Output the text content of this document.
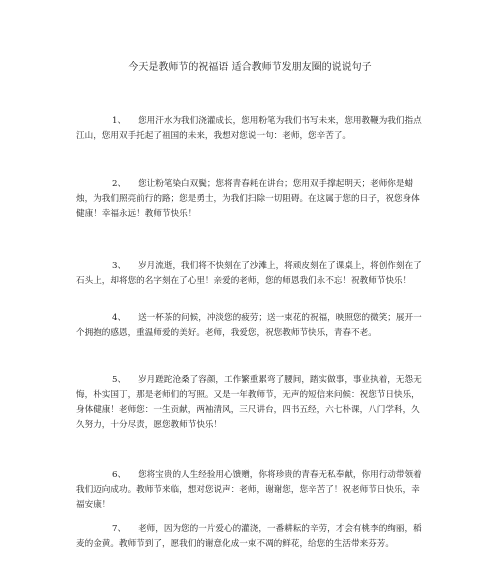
今天是教师节的祝福语 适合教师节发朋友圈的说说句子
1、 您用汗水为我们浇灌成长，您用粉笔为我们书写未来，您用教鞭为我们指点江山，您用双手托起了祖国的未来，我想对您说一句：老师，您辛苦了。
2、 您让粉笔染白双鬓；您将青春耗在讲台；您用双手撑起明天；老师你是蜡烛，为我们照亮前行的路；您是勇士，为我们扫除一切阻碍。在这属于您的日子，祝您身体健康！幸福永远！教师节快乐！
3、 岁月流逝，我们将不快刻在了沙滩上，将顽皮刻在了课桌上，将创作刻在了石头上，却将您的名字刻在了心里！亲爱的老师，您的师恩我们永不忘！祝教师节快乐！
4、 送一杯茶的问候，冲淡您的疲劳；送一束花的祝福，映照您的微笑；展开一个拥抱的感恩，重温师爱的美好。老师，我爱您，祝您教师节快乐，青春不老。
5、 岁月蹉跎沧桑了容颜，工作繁重累弯了腰间，踏实做事，事业执着，无怨无悔，朴实国丁，那是老师们的写照。又是一年教师节，无声的短信来问候：祝您节日快乐，身体健康！老师您：一生贡献，两袖清风，三尺讲台，四书五经，六七朴课，八门学科，久久努力，十分尽责，愿您教师节快乐！
6、 您将宝贵的人生经验用心馈赠，你将珍贵的青春无私奉献，你用行动带领着我们迈向成功。教师节来临，想对您说声：老师，谢谢您，您辛苦了！祝老师节日快乐，幸福安康！
7、 老师，因为您的一片爱心的灌浇，一番耕耘的辛劳，才会有桃李的绚丽，稻麦的金黄。教师节到了，愿我们的谢意化成一束不凋的鲜花，给您的生活带来芬芳。
